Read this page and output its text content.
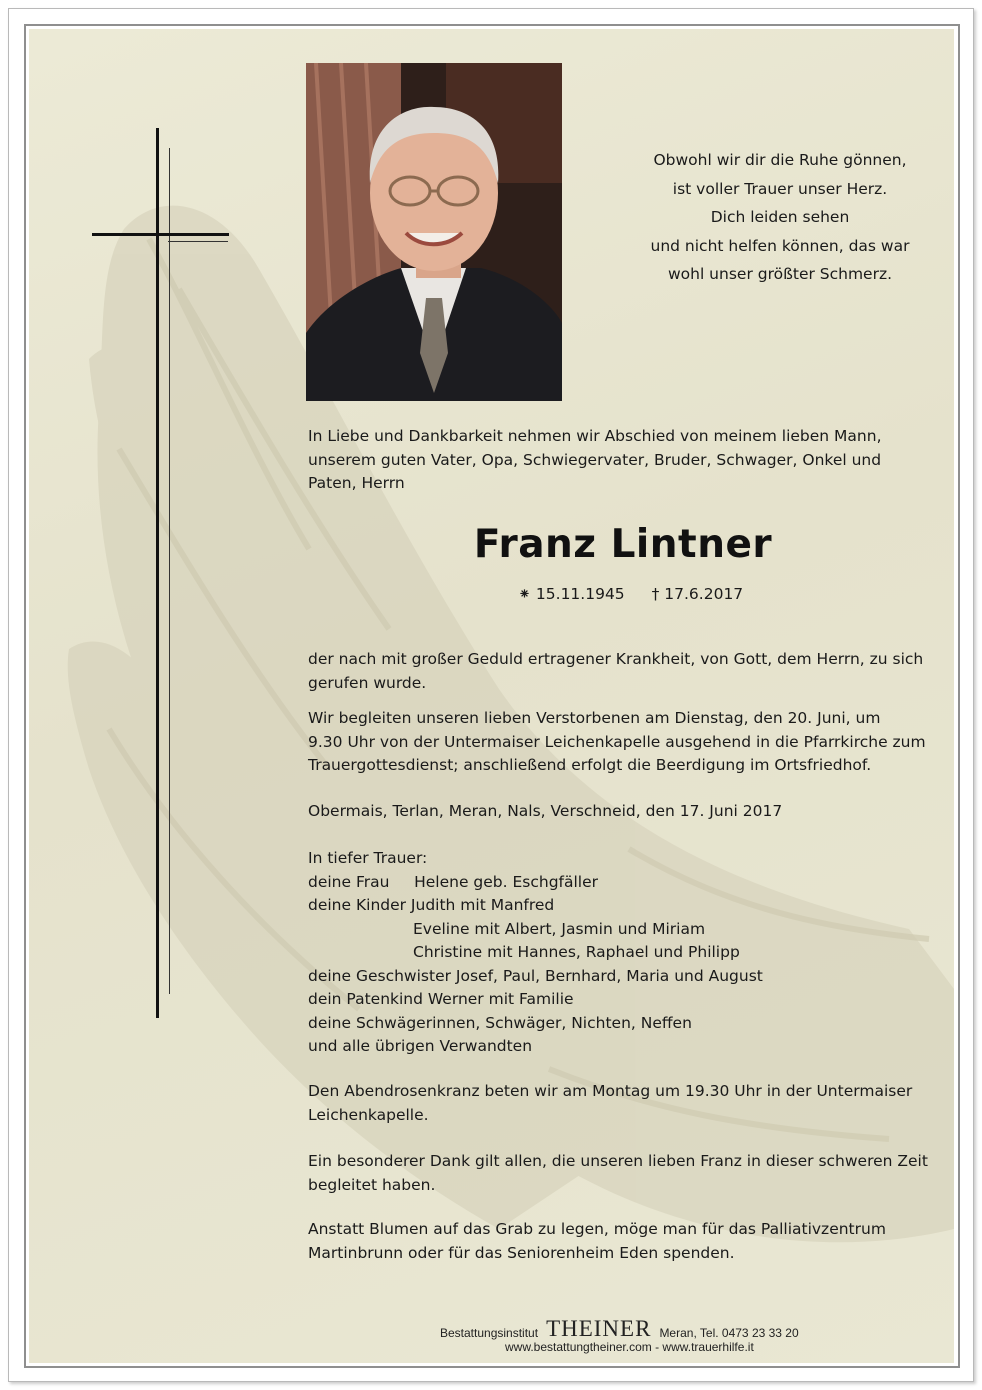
Obwohl wir dir die Ruhe gönnen,
ist voller Trauer unser Herz.
Dich leiden sehen
und nicht helfen können, das war
wohl unser größter Schmerz.
In Liebe und Dankbarkeit nehmen wir Abschied von meinem lieben Mann,
unserem guten Vater, Opa, Schwiegervater, Bruder, Schwager, Onkel und
Paten, Herrn
Franz Lintner
⁕ 15.11.1945 † 17.6.2017
der nach mit großer Geduld ertragener Krankheit, von Gott, dem Herrn, zu sich
gerufen wurde.
Wir begleiten unseren lieben Verstorbenen am Dienstag, den 20. Juni, um
9.30 Uhr von der Untermaiser Leichenkapelle ausgehend in die Pfarrkirche zum
Trauergottesdienst; anschließend erfolgt die Beerdigung im Ortsfriedhof.
Obermais, Terlan, Meran, Nals, Verschneid, den 17. Juni 2017
In tiefer Trauer:
deine Frau Helene geb. Eschgfäller
deine Kinder Judith mit Manfred
Eveline mit Albert, Jasmin und Miriam
Christine mit Hannes, Raphael und Philipp
deine Geschwister Josef, Paul, Bernhard, Maria und August
dein Patenkind Werner mit Familie
deine Schwägerinnen, Schwäger, Nichten, Neffen
und alle übrigen Verwandten
Den Abendrosenkranz beten wir am Montag um 19.30 Uhr in der Untermaiser
Leichenkapelle.
Ein besonderer Dank gilt allen, die unseren lieben Franz in dieser schweren Zeit
begleitet haben.
Anstatt Blumen auf das Grab zu legen, möge man für das Palliativzentrum
Martinbrunn oder für das Seniorenheim Eden spenden.
Bestattungsinstitut THEINER Meran, Tel. 0473 23 33 20
www.bestattungtheiner.com - www.trauerhilfe.it
